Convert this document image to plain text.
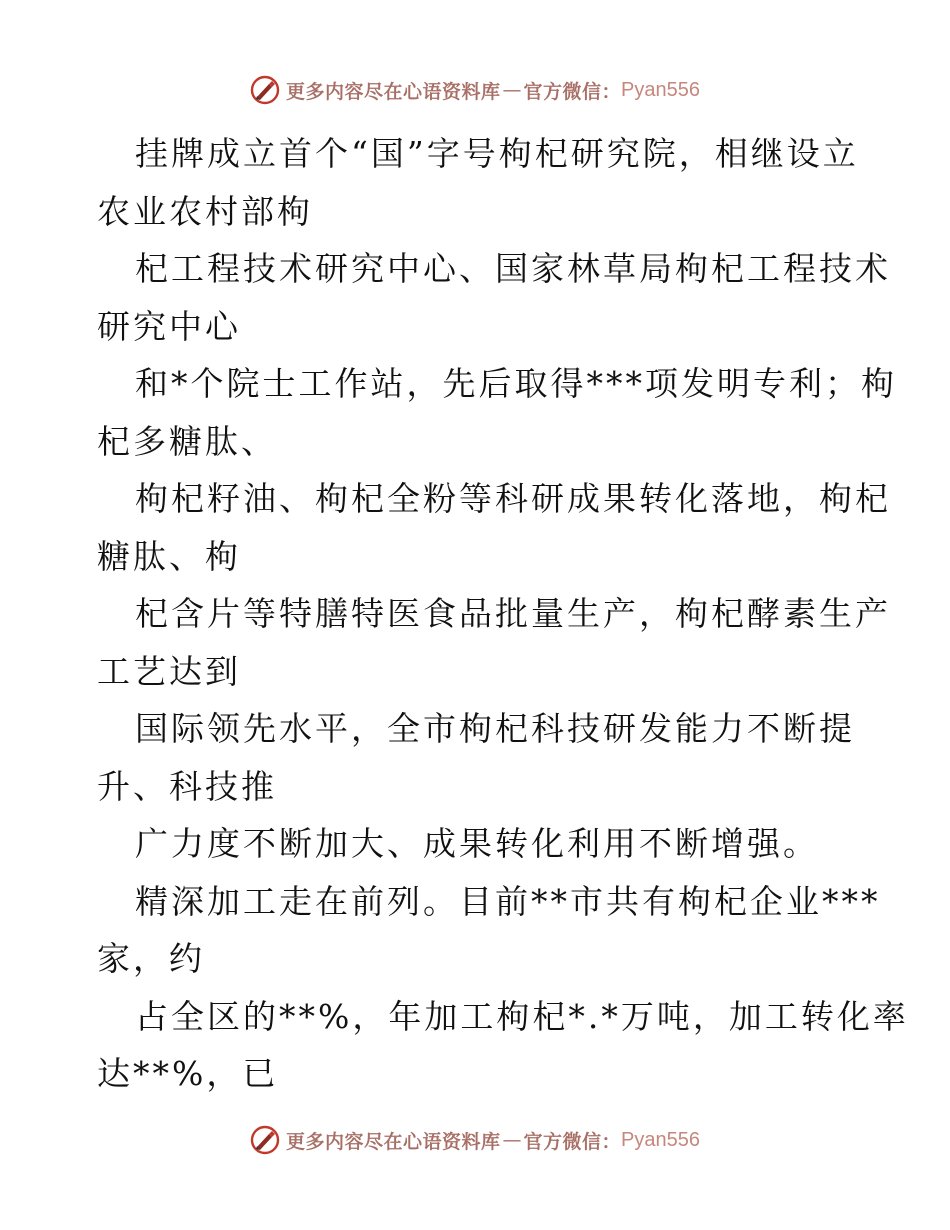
更多内容尽在心语资料库 — 官方微信： Pyan556
挂牌成立首个“国”字号枸杞研究院，相继设立
农业农村部枸
杞工程技术研究中心、国家林草局枸杞工程技术
研究中心
和*个院士工作站，先后取得***项发明专利；枸
杞多糖肽、
枸杞籽油、枸杞全粉等科研成果转化落地，枸杞
糖肽、枸
杞含片等特膳特医食品批量生产，枸杞酵素生产
工艺达到
国际领先水平，全市枸杞科技研发能力不断提
升、科技推
广力度不断加大、成果转化利用不断增强。
精深加工走在前列。目前**市共有枸杞企业***
家，约
占全区的**%，年加工枸杞*.*万吨，加工转化率
达**%，已
更多内容尽在心语资料库 — 官方微信： Pyan556
